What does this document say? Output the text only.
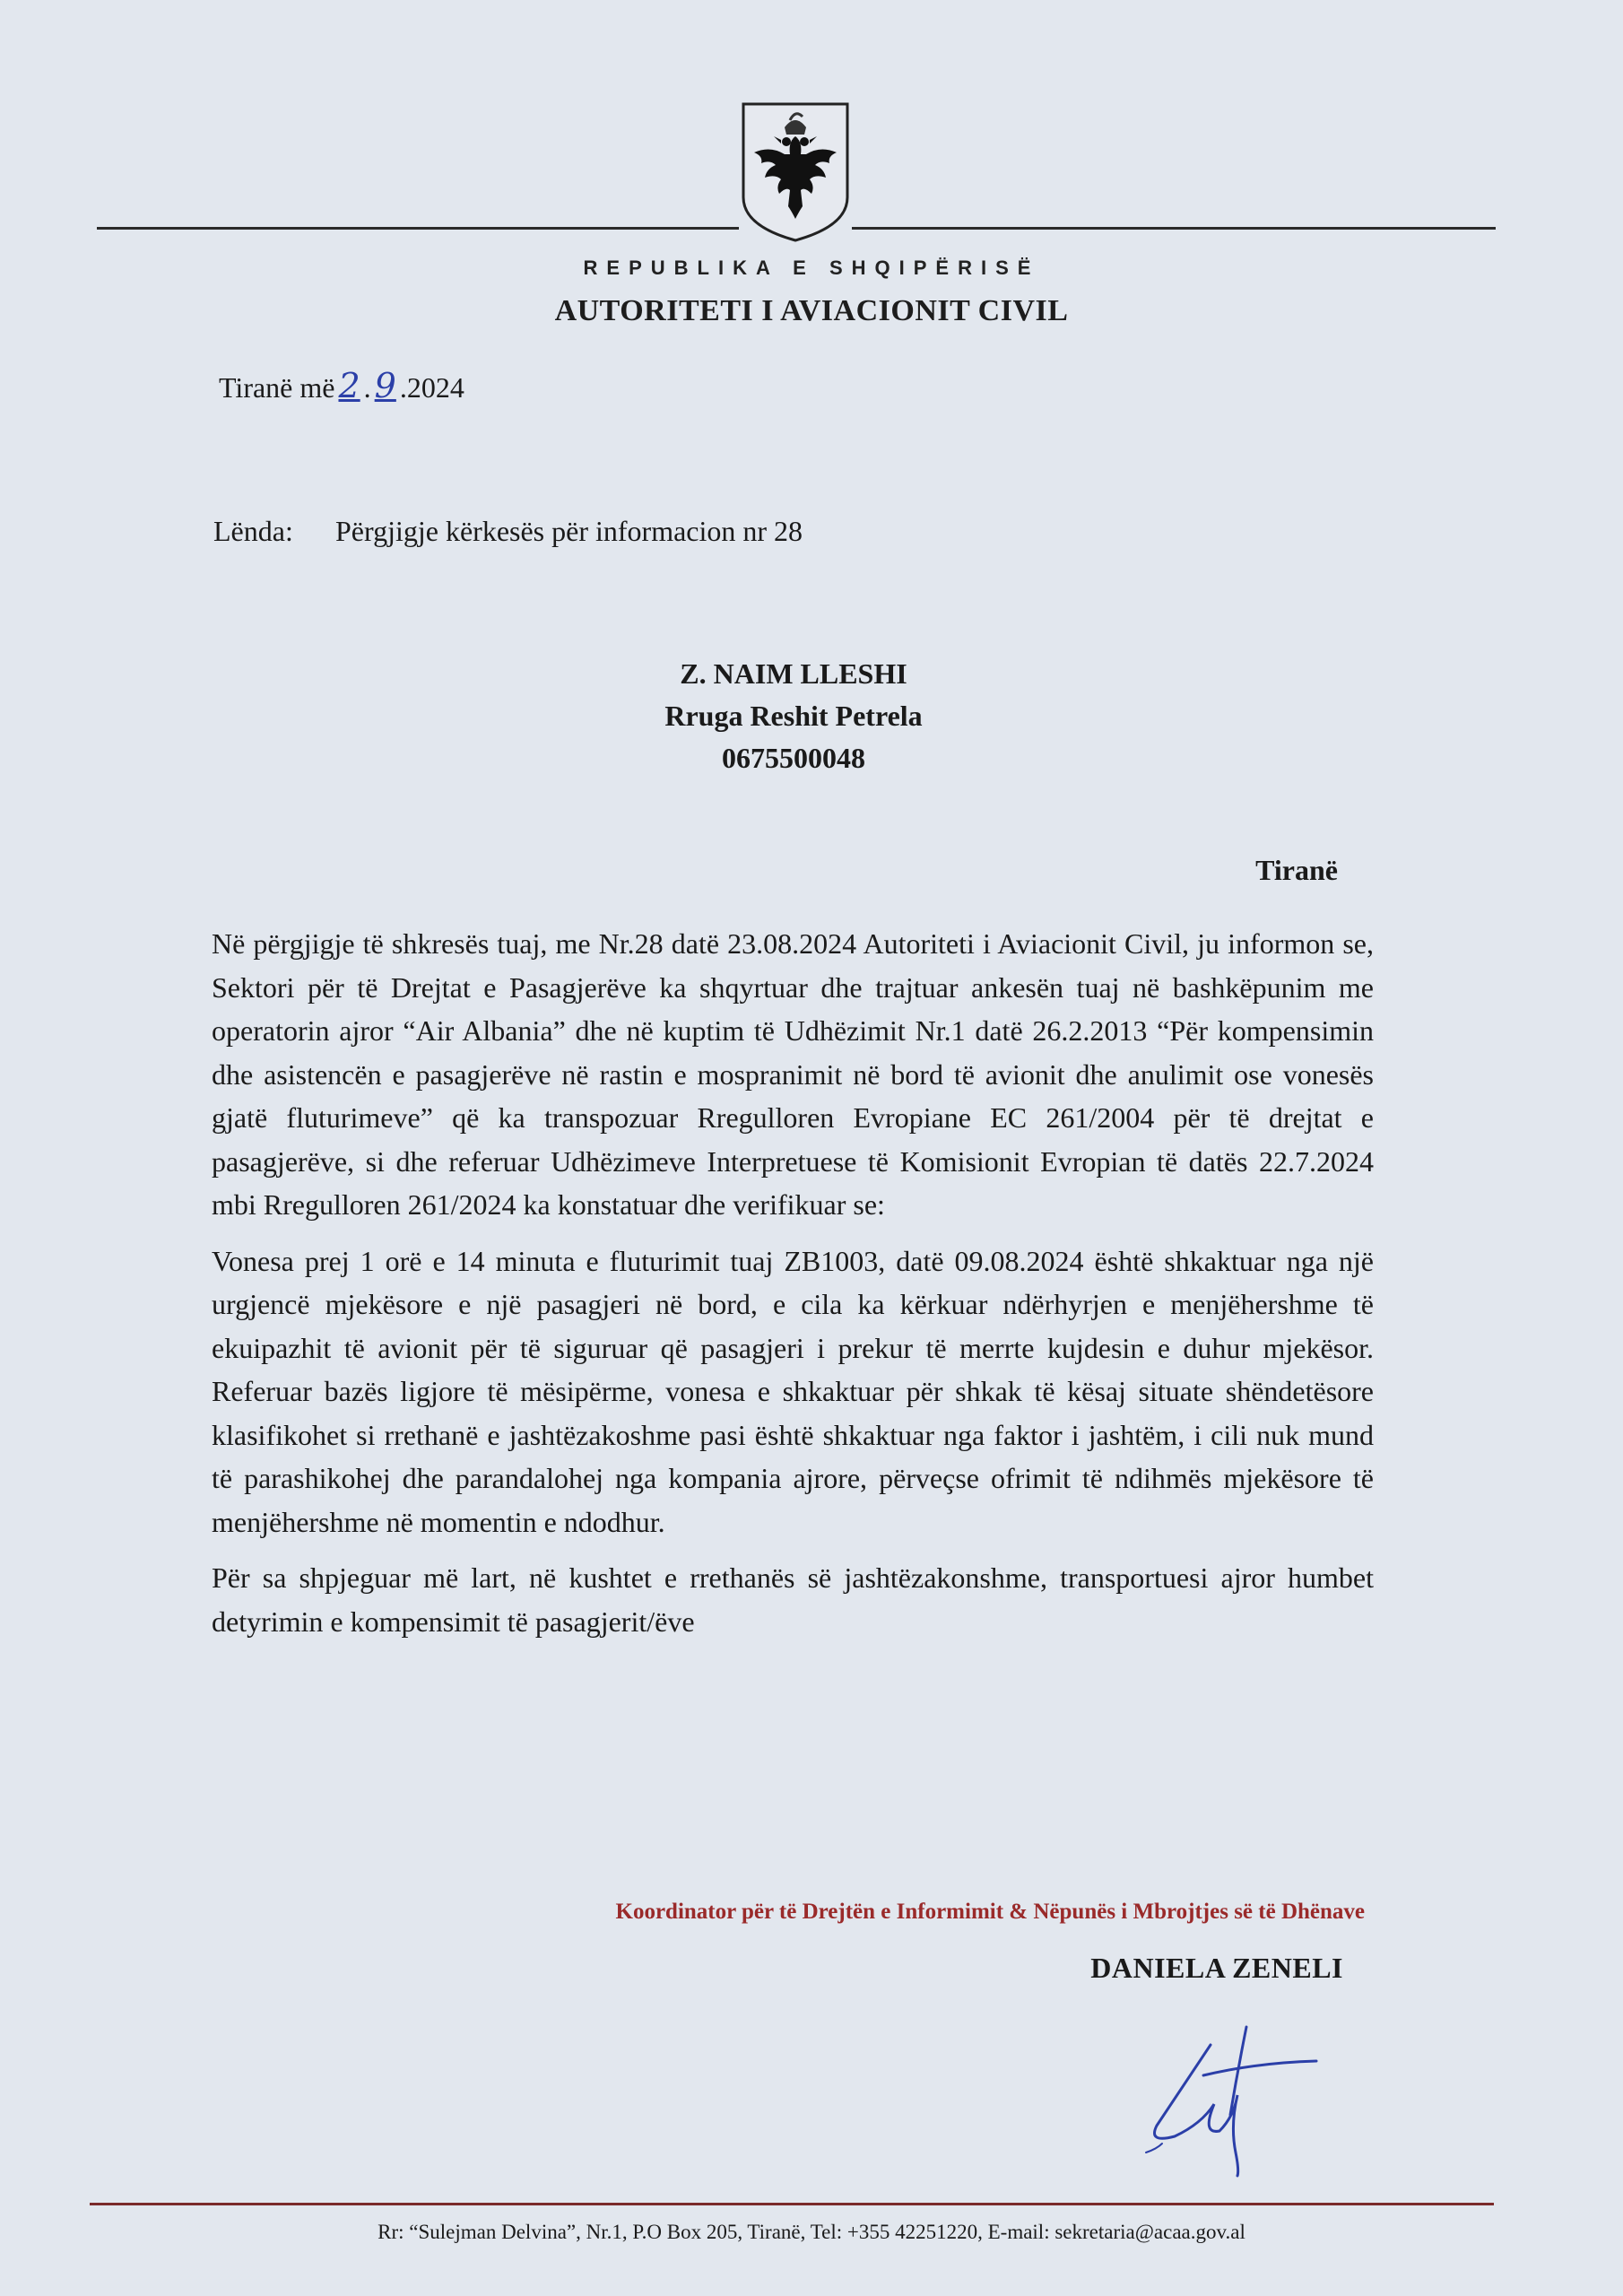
REPUBLIKA E SHQIPËRISË
AUTORITETI I AVIACIONIT CIVIL
Tiranë më 2 . 9 .2024
Lënda: Përgjigje kërkesës për informacion nr 28
Z. NAIM LLESHI
Rruga Reshit Petrela
0675500048
Tiranë

Në përgjigje të shkresës tuaj, me Nr.28 datë 23.08.2024 Autoriteti i Aviacionit Civil, ju informon se, Sektori për të Drejtat e Pasagjerëve ka shqyrtuar dhe trajtuar ankesën tuaj në bashkëpunim me operatorin ajror “Air Albania” dhe në kuptim të Udhëzimit Nr.1 datë 26.2.2013 “Për kompensimin dhe asistencën e pasagjerëve në rastin e mospranimit në bord të avionit dhe anulimit ose vonesës gjatë fluturimeve” që ka transpozuar Rregulloren Evropiane EC 261/2004 për të drejtat e pasagjerëve, si dhe referuar Udhëzimeve Interpretuese të Komisionit Evropian të datës 22.7.2024 mbi Rregulloren 261/2024 ka konstatuar dhe verifikuar se:

Vonesa prej 1 orë e 14 minuta e fluturimit tuaj ZB1003, datë 09.08.2024 është shkaktuar nga një urgjencë mjekësore e një pasagjeri në bord, e cila ka kërkuar ndërhyrjen e menjëhershme të ekuipazhit të avionit për të siguruar që pasagjeri i prekur të merrte kujdesin e duhur mjekësor. Referuar bazës ligjore të mësipërme, vonesa e shkaktuar për shkak të kësaj situate shëndetësore klasifikohet si rrethanë e jashtëzakoshme pasi është shkaktuar nga faktor i jashtëm, i cili nuk mund të parashikohej dhe parandalohej nga kompania ajrore, përveçse ofrimit të ndihmës mjekësore të menjëhershme në momentin e ndodhur.

Për sa shpjeguar më lart, në kushtet e rrethanës së jashtëzakonshme, transportuesi ajror humbet detyrimin e kompensimit të pasagjerit/ëve

Koordinator për të Drejtën e Informimit & Nëpunës i Mbrojtjes së të Dhënave
DANIELA ZENELI
Rr: “Sulejman Delvina”, Nr.1, P.O Box 205, Tiranë, Tel: +355 42251220, E-mail: sekretaria@acaa.gov.al
